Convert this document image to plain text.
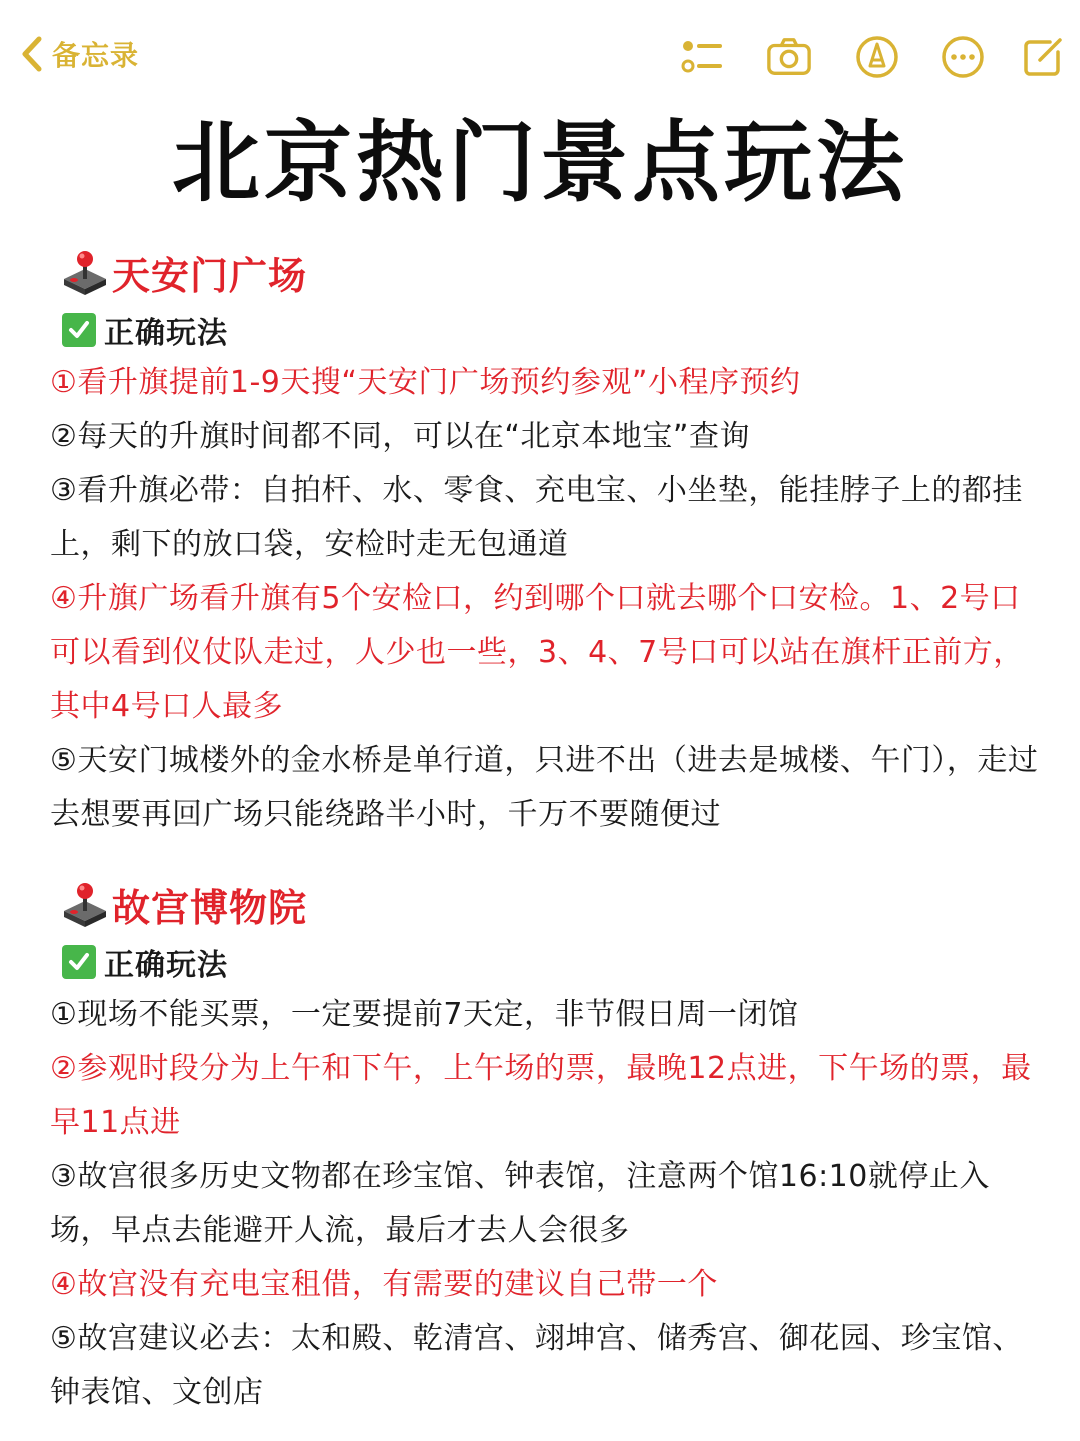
备忘录
北京热门景点玩法
天安门广场
正确玩法

①看升旗提前1-9天搜“天安门广场预约参观”小程序预约

②每天的升旗时间都不同，可以在“北京本地宝”查询

③看升旗必带：自拍杆、水、零食、充电宝、小坐垫，能挂脖子上的都挂上，剩下的放口袋，安检时走无包通道

④升旗广场看升旗有5个安检口，约到哪个口就去哪个口安检。1、2号口可以看到仪仗队走过，人少也一些，3、4、7号口可以站在旗杆正前方，其中4号口人最多

⑤天安门城楼外的金水桥是单行道，只进不出（进去是城楼、午门），走过去想要再回广场只能绕路半小时，千万不要随便过

故宫博物院
正确玩法

①现场不能买票，一定要提前7天定，非节假日周一闭馆

②参观时段分为上午和下午，上午场的票，最晚12点进，下午场的票，最早11点进

③故宫很多历史文物都在珍宝馆、钟表馆，注意两个馆16:10就停止入场，早点去能避开人流，最后才去人会很多

④故宫没有充电宝租借，有需要的建议自己带一个

⑤故宫建议必去：太和殿、乾清宫、翊坤宫、储秀宫、御花园、珍宝馆、钟表馆、文创店
